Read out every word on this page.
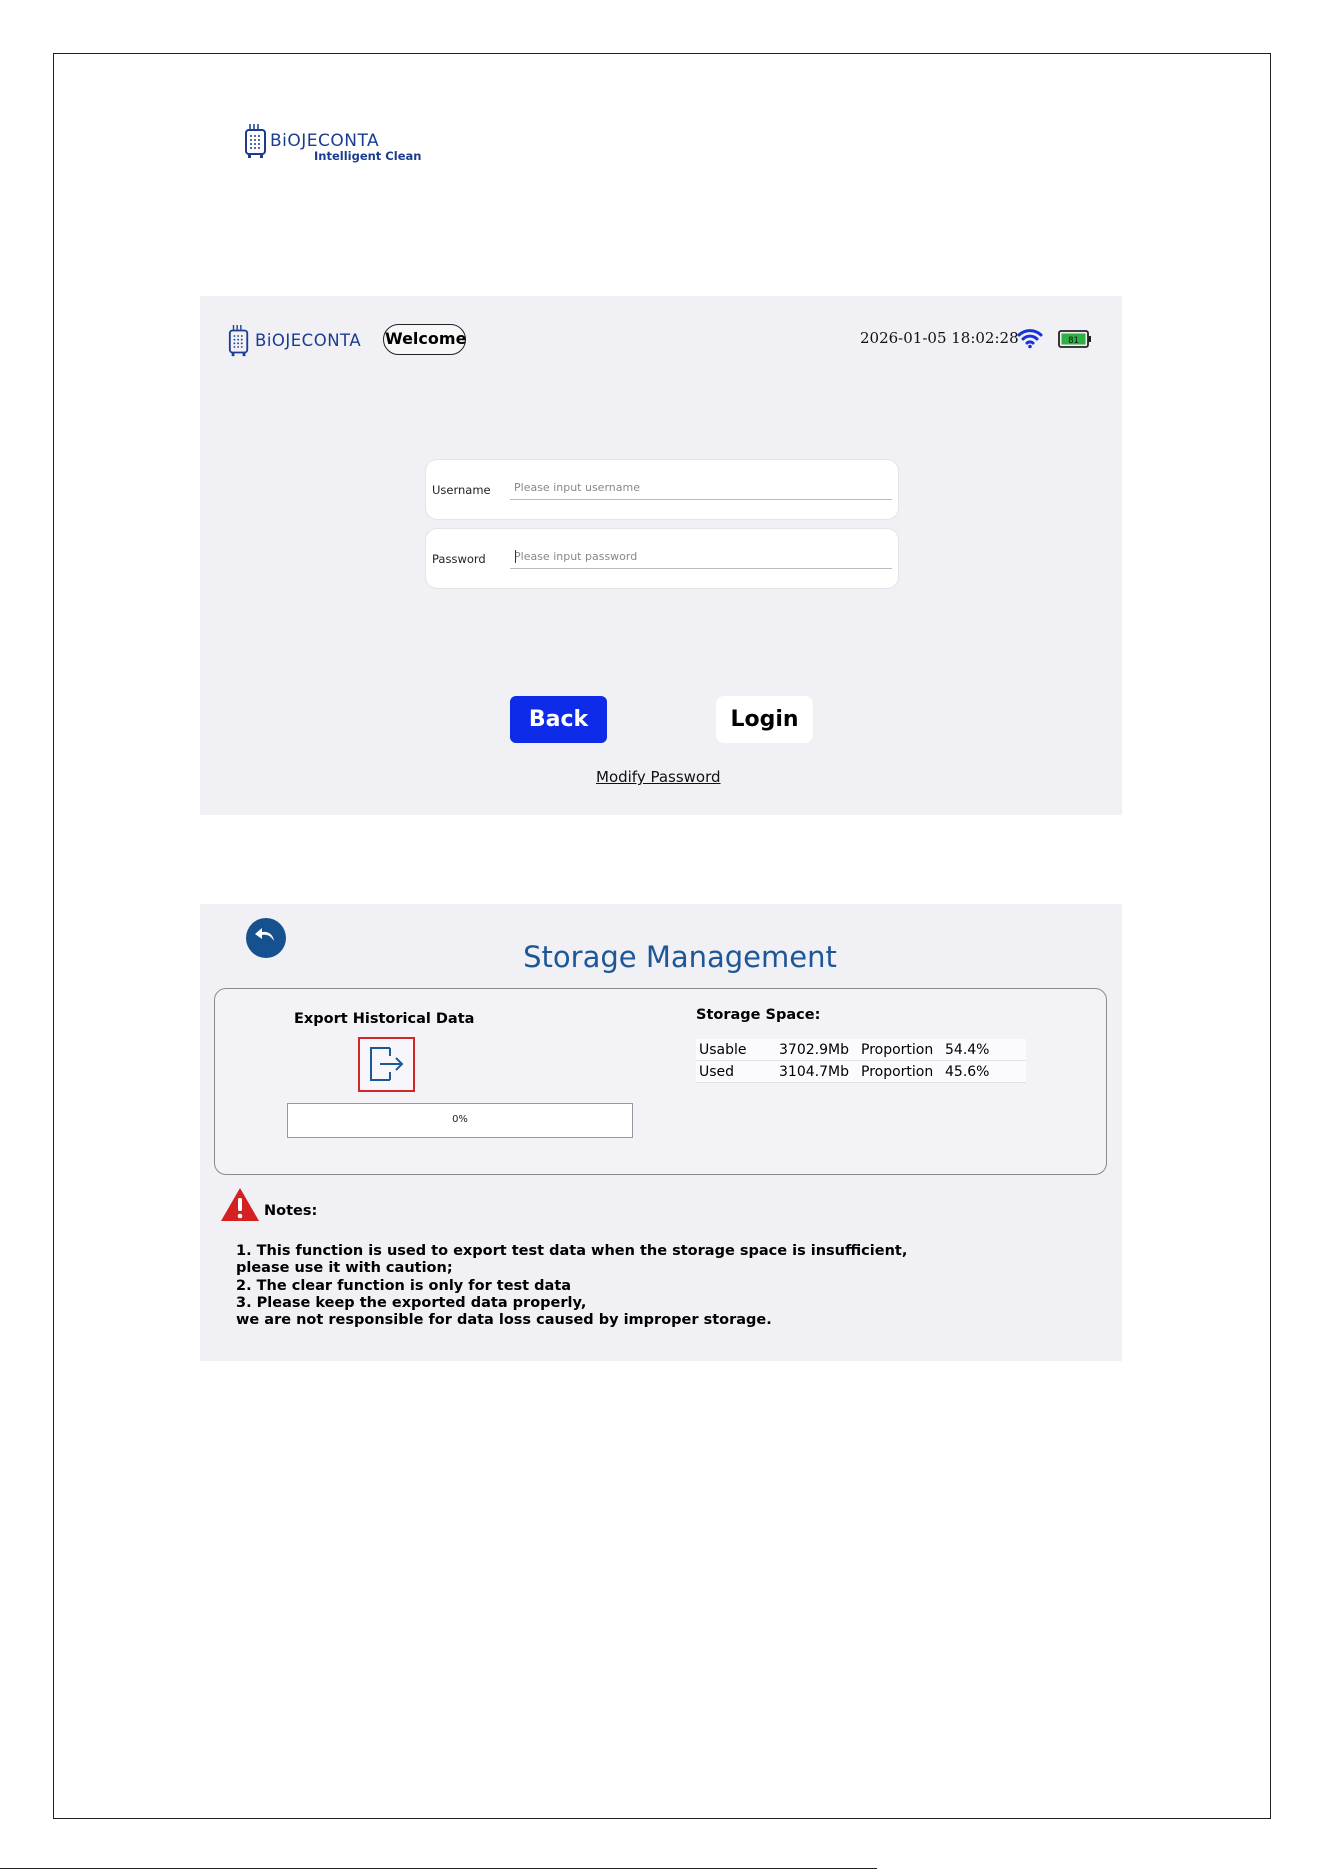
BiOJECONTA
Intelligent Clean
BiOJECONTA Welcome	2026-01-05 18:02:28	81
Username
Please input username
Password
Back	Login
Modify Password
Storage Management
Export Historical Data
0%
Storage Space:
Usable	3702.9Mb	Proportion	54.4%
Used	3104.7Mb	Proportion	45.6%
Notes:
1. This function is used to export test data when the storage space is insufficient,
please use it with caution;
2. The clear function is only for test data
3. Please keep the exported data properly,
we are not responsible for data loss caused by improper storage.
